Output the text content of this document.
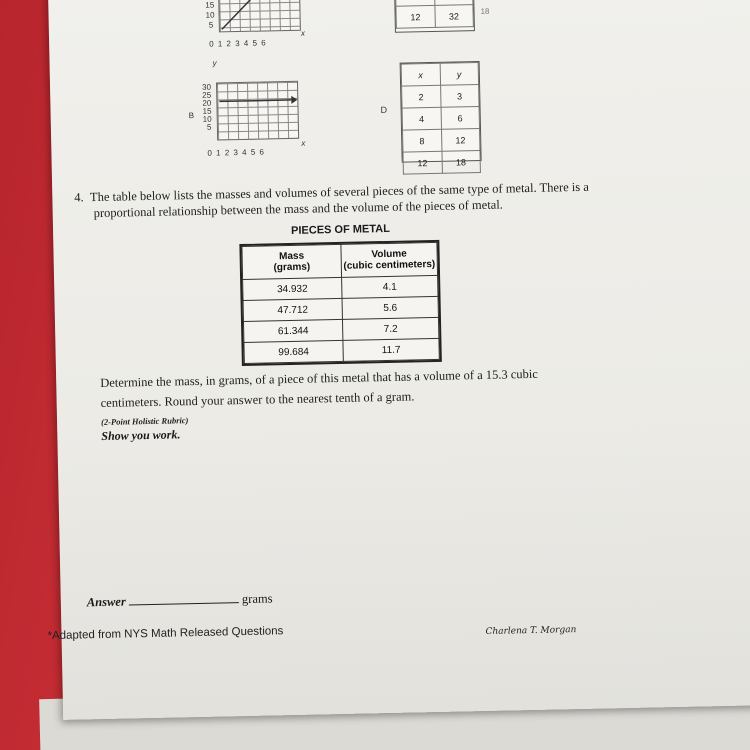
15
10
5
0 1 2 3 4 5 6
x

12	32	18
y
B
30
25
20
15
10
5
0 1 2 3 4 5 6
x
D
x	y
2	3
4	6
8	12
12	18
4. The table below lists the masses and volumes of several pieces of the same type of metal. There is a
proportional relationship between the mass and the volume of the pieces of metal.
PIECES OF METAL
Mass
(grams)	Volume
(cubic centimeters)
34.932	4.1
47.712	5.6
61.344	7.2
99.684	11.7
Determine the mass, in grams, of a piece of this metal that has a volume of a 15.3 cubic
centimeters. Round your answer to the nearest tenth of a gram.
(2-Point Holistic Rubric)
Show you work.
Answer	grams
*Adapted from NYS Math Released Questions	Charlena T. Morgan
